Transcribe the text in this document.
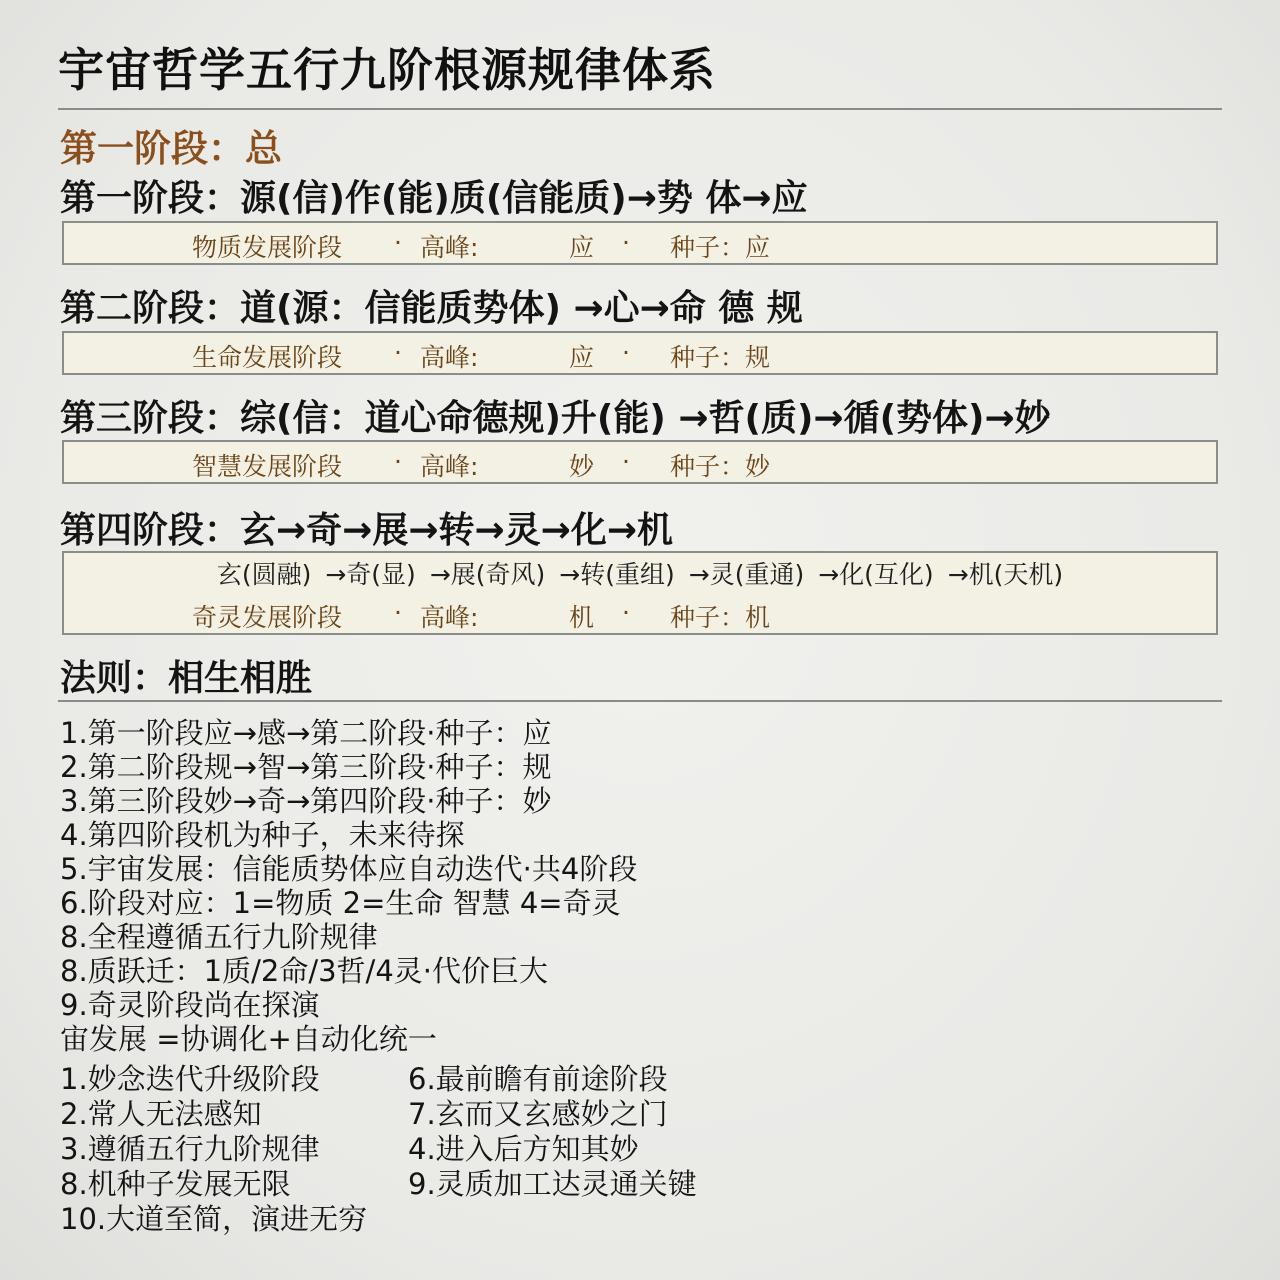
宇宙哲学五行九阶根源规律体系
第一阶段：总
第一阶段：源(信)作(能)质(信能质)→势 体→应
物质发展阶段 · 高峰:	应 · 种子：应
第二阶段：道(源：信能质势体) →心→命 德 规
生命发展阶段 · 高峰:	应 · 种子：规
第三阶段：综(信：道心命德规)升(能) →哲(质)→循(势体)→妙
智慧发展阶段 · 高峰:	妙 · 种子：妙
第四阶段：玄→奇→展→转→灵→化→机
玄(圆融) →奇(显) →展(奇风) →转(重组) →灵(重通) →化(互化) →机(天机)
奇灵发展阶段 · 高峰:	机 · 种子：机
法则：相生相胜
1.第一阶段应→感→第二阶段·种子：应
2.第二阶段规→智→第三阶段·种子：规
3.第三阶段妙→奇→第四阶段·种子：妙
4.第四阶段机为种子，未来待探
5.宇宙发展：信能质势体应自动迭代·共4阶段
6.阶段对应：1=物质 2=生命 智慧 4=奇灵
8.全程遵循五行九阶规律
8.质跃迁：1质/2命/3哲/4灵·代价巨大
9.奇灵阶段尚在探演
宙发展 =协调化+自动化统一
1.妙念迭代升级阶段	6.最前瞻有前途阶段
2.常人无法感知	7.玄而又玄感妙之门
3.遵循五行九阶规律	4.进入后方知其妙
8.机种子发展无限	9.灵质加工达灵通关键
10.大道至简，演进无穷
